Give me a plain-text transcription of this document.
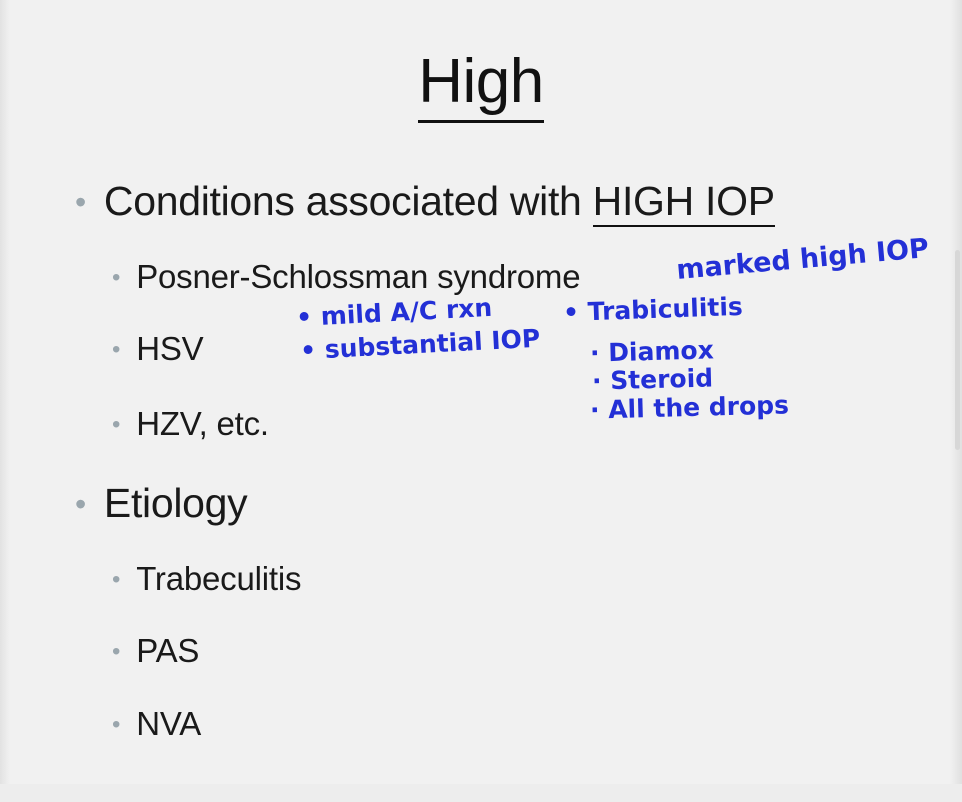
High
• Conditions associated with HIGH IOP
• Posner-Schlossman syndrome
• HSV
• HZV, etc.
• Etiology
• Trabeculitis
• PAS
• NVA
marked high IOP
• mild A/C rxn
• substantial IOP
• Trabiculitis
· Diamox
· Steroid
· All the drops
